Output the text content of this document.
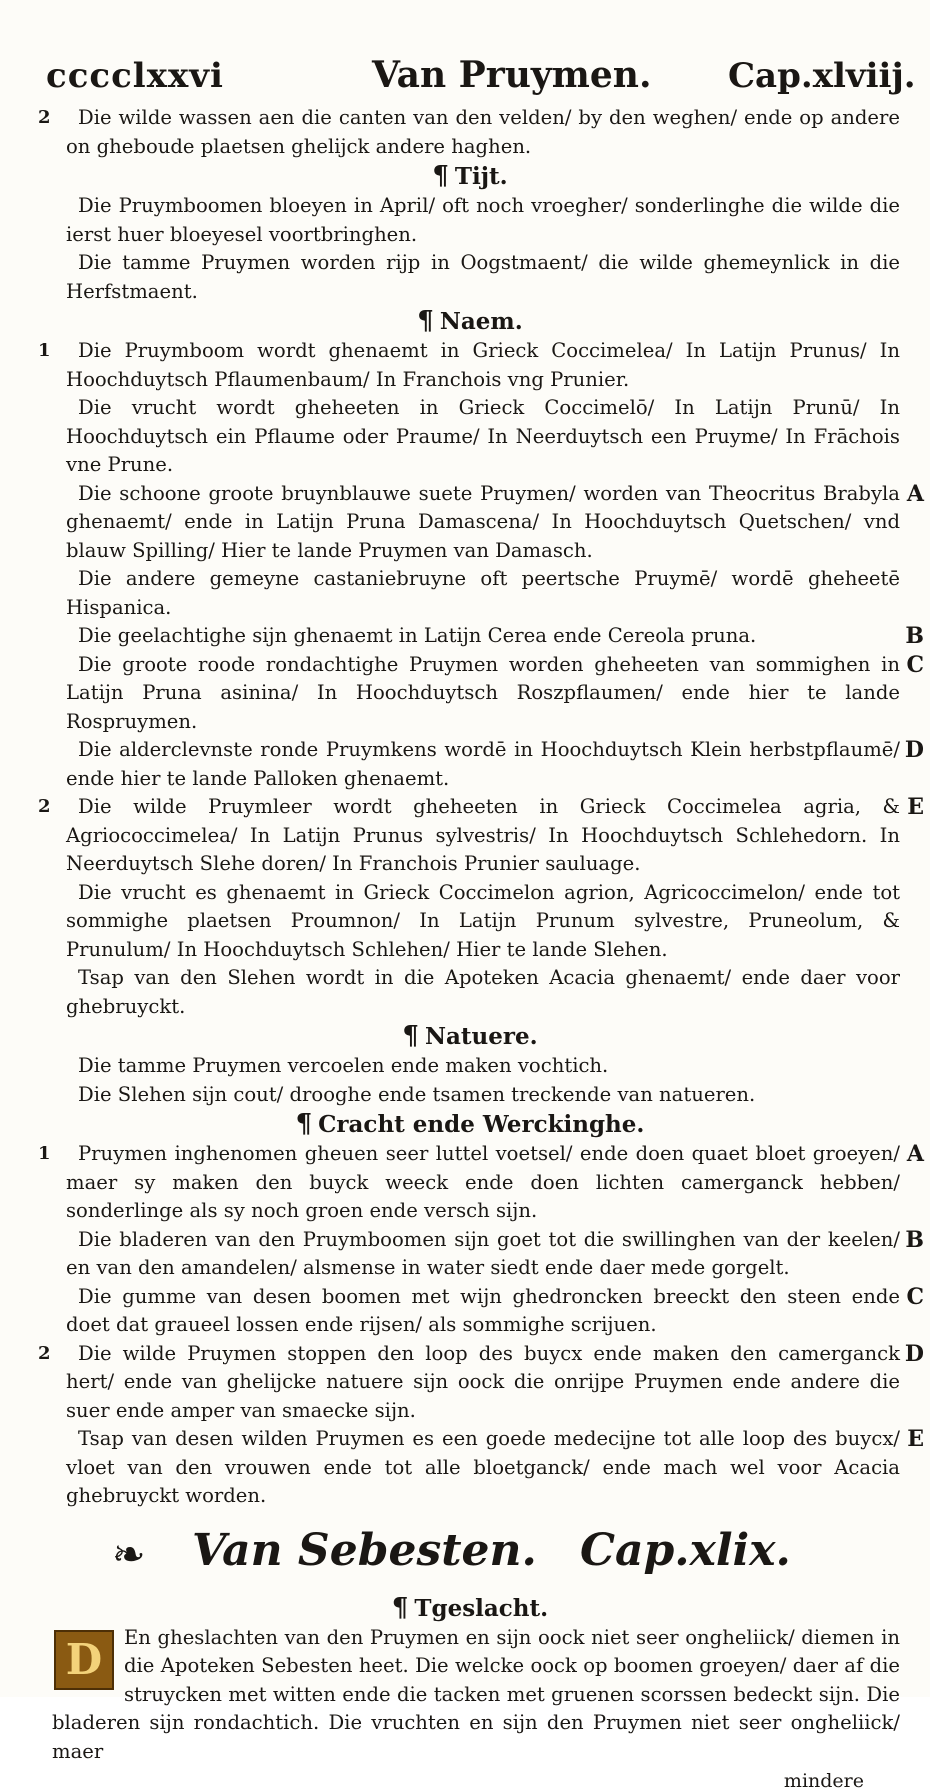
cccclxxvi	Van Pruymen. Cap.xlviij.

2 Die wilde wassen aen die canten van den velden/ by den weghen/ ende op andere on gheboude plaetsen ghelijck andere haghen.

¶ Tijt.

Die Pruymboomen bloeyen in April/ oft noch vroegher/ sonderlinghe die wilde die ierst huer bloeyesel voortbringhen.

Die tamme Pruymen worden rijp in Oogstmaent/ die wilde ghemeynlick in die Herfstmaent.

¶ Naem.

1 Die Pruymboom wordt ghenaemt in Grieck Coccimelea/ In Latijn Prunus/ In Hoochduytsch Pflaumenbaum/ In Franchois vng Prunier.

Die vrucht wordt gheheeten in Grieck Coccimelō/ In Latijn Prunū/ In Hoochduytsch ein Pflaume oder Praume/ In Neerduytsch een Pruyme/ In Frāchois vne Prune.

A
Die schoone groote bruynblauwe suete Pruymen/ worden van Theocritus Brabyla ghenaemt/ ende in Latijn Pruna Damascena/ In Hoochduytsch Quetschen/ vnd blauw Spilling/ Hier te lande Pruymen van Damasch.

Die andere gemeyne castaniebruyne oft peertsche Pruymē/ wordē gheheetē Hispanica.

B
Die geelachtighe sijn ghenaemt in Latijn Cerea ende Cereola pruna.

C
Die groote roode rondachtighe Pruymen worden gheheeten van sommighen in Latijn Pruna asinina/ In Hoochduytsch Roszpflaumen/ ende hier te lande Rospruymen.

D
Die alderclevnste ronde Pruymkens wordē in Hoochduytsch Klein herbstpflaumē/ ende hier te lande Palloken ghenaemt.

2	E
Die wilde Pruymleer wordt gheheeten in Grieck Coccimelea agria, & Agriococcimelea/ In Latijn Prunus sylvestris/ In Hoochduytsch Schlehedorn. In Neerduytsch Slehe doren/ In Franchois Prunier sauluage.

Die vrucht es ghenaemt in Grieck Coccimelon agrion, Agricoccimelon/ ende tot sommighe plaetsen Proumnon/ In Latijn Prunum sylvestre, Pruneolum, & Prunulum/ In Hoochduytsch Schlehen/ Hier te lande Slehen.

Tsap van den Slehen wordt in die Apoteken Acacia ghenaemt/ ende daer voor ghebruyckt.

¶ Natuere.

Die tamme Pruymen vercoelen ende maken vochtich.

Die Slehen sijn cout/ drooghe ende tsamen treckende van natueren.

¶ Cracht ende Werckinghe.

1	A
Pruymen inghenomen gheuen seer luttel voetsel/ ende doen quaet bloet groeyen/ maer sy maken den buyck weeck ende doen lichten camerganck hebben/ sonderlinge als sy noch groen ende versch sijn.

B
Die bladeren van den Pruymboomen sijn goet tot die swillinghen van der keelen/ en van den amandelen/ alsmense in water siedt ende daer mede gorgelt.

C
Die gumme van desen boomen met wijn ghedroncken breeckt den steen ende doet dat graueel lossen ende rijsen/ als sommighe scrijuen.

2	D
Die wilde Pruymen stoppen den loop des buycx ende maken den camerganck hert/ ende van ghelijcke natuere sijn oock die onrijpe Pruymen ende andere die suer ende amper van smaecke sijn.

E
Tsap van desen wilden Pruymen es een goede medecijne tot alle loop des buycx/ vloet van den vrouwen ende tot alle bloetganck/ ende mach wel voor Acacia ghebruyckt worden.

❧ Van Sebesten. Cap.xlix.

¶ Tgeslacht.

D	En gheslachten van den Pruymen en sijn oock niet seer ongheliick/ diemen in die Apoteken Sebesten heet. Die welcke oock op boomen groeyen/ daer af die struycken met witten ende die tacken met gruenen scorssen bedeckt sijn. Die bladeren sijn rondachtich. Die vruchten en sijn den Pruymen niet seer ongheliick/ maer

mindere
